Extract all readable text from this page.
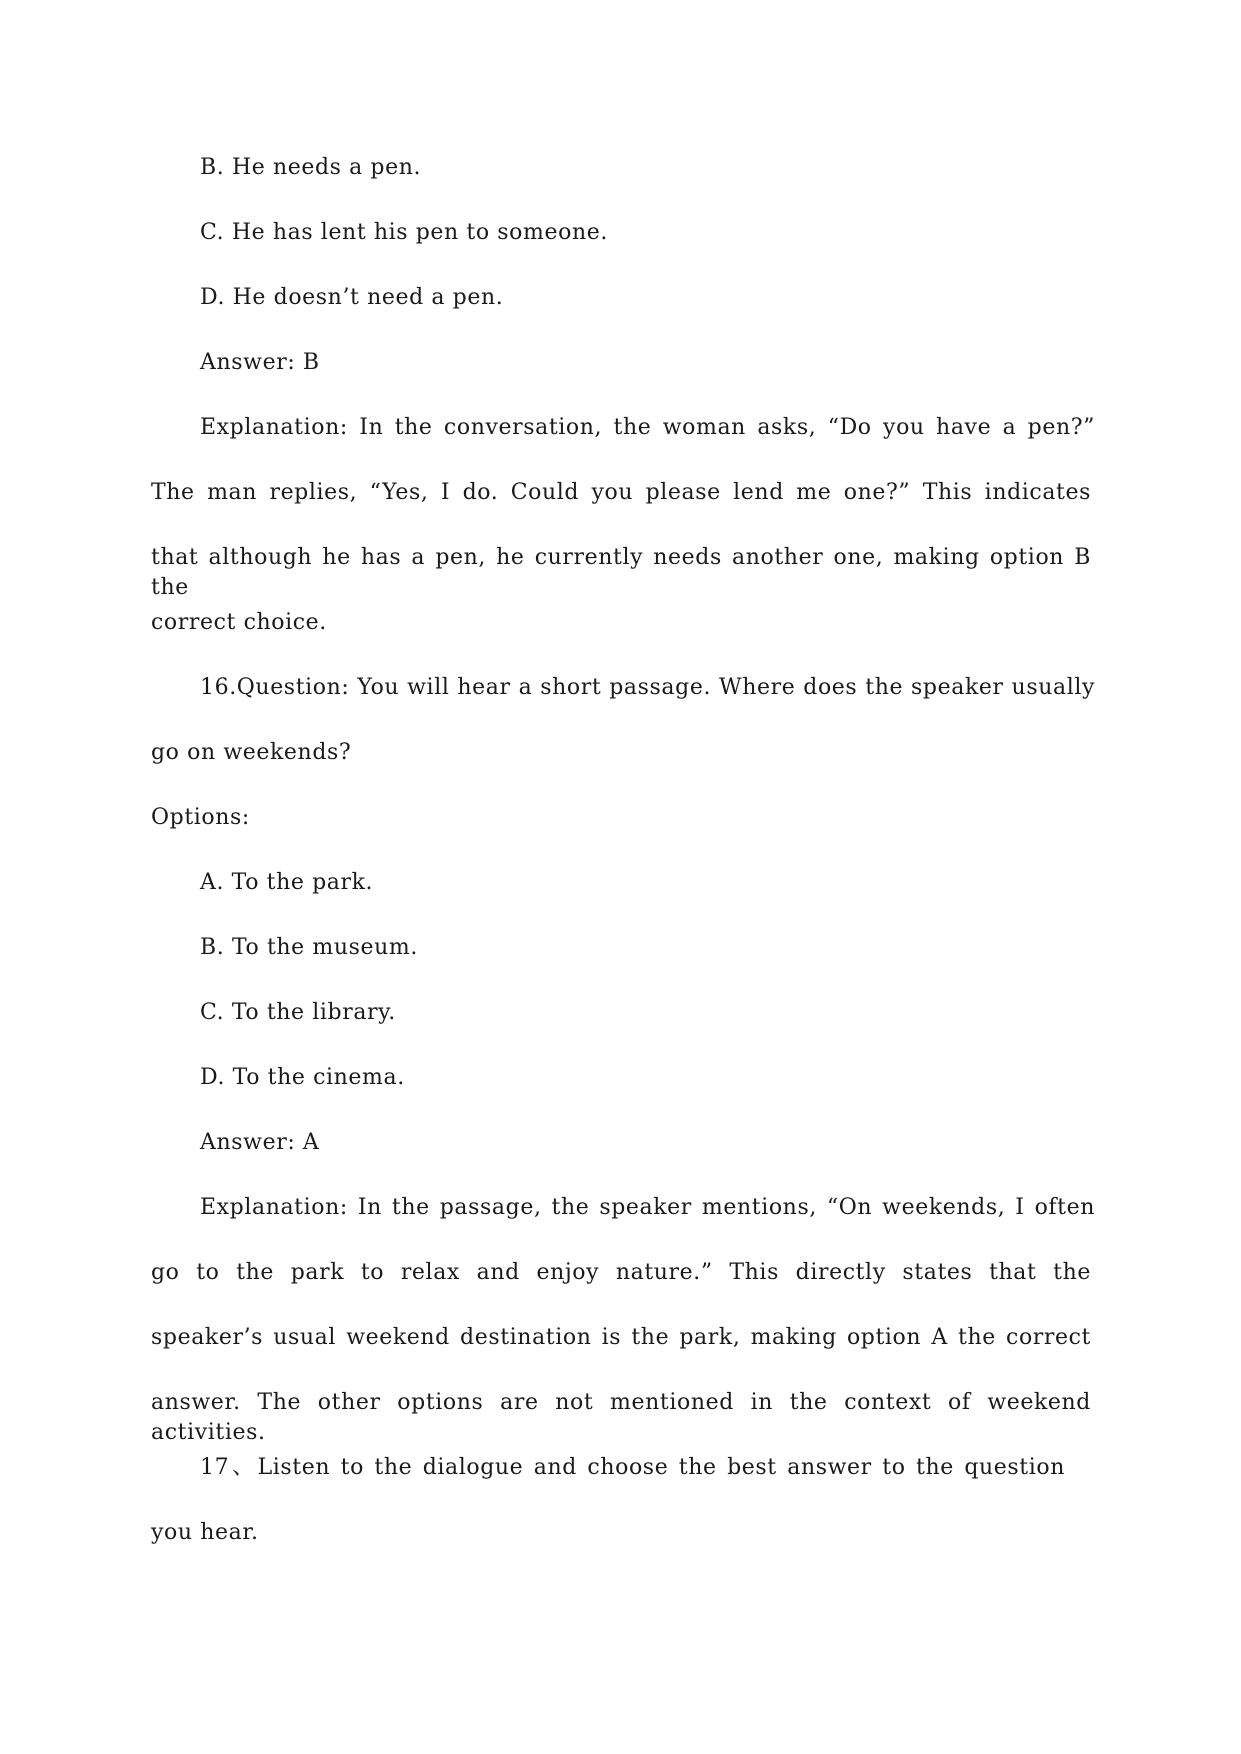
B. He needs a pen.
C. He has lent his pen to someone.
D. He doesn’t need a pen.
Answer: B
Explanation: In the conversation, the woman asks, “Do you have a pen?”
The man replies, “Yes, I do. Could you please lend me one?” This indicates
that although he has a pen, he currently needs another one, making option B the
correct choice.
16.Question: You will hear a short passage. Where does the speaker usually
go on weekends?
Options:
A. To the park.
B. To the museum.
C. To the library.
D. To the cinema.
Answer: A
Explanation: In the passage, the speaker mentions, “On weekends, I often
go to the park to relax and enjoy nature.” This directly states that the
speaker’s usual weekend destination is the park, making option A the correct
answer. The other options are not mentioned in the context of weekend activities.
17、Listen to the dialogue and choose the best answer to the question
you hear.
